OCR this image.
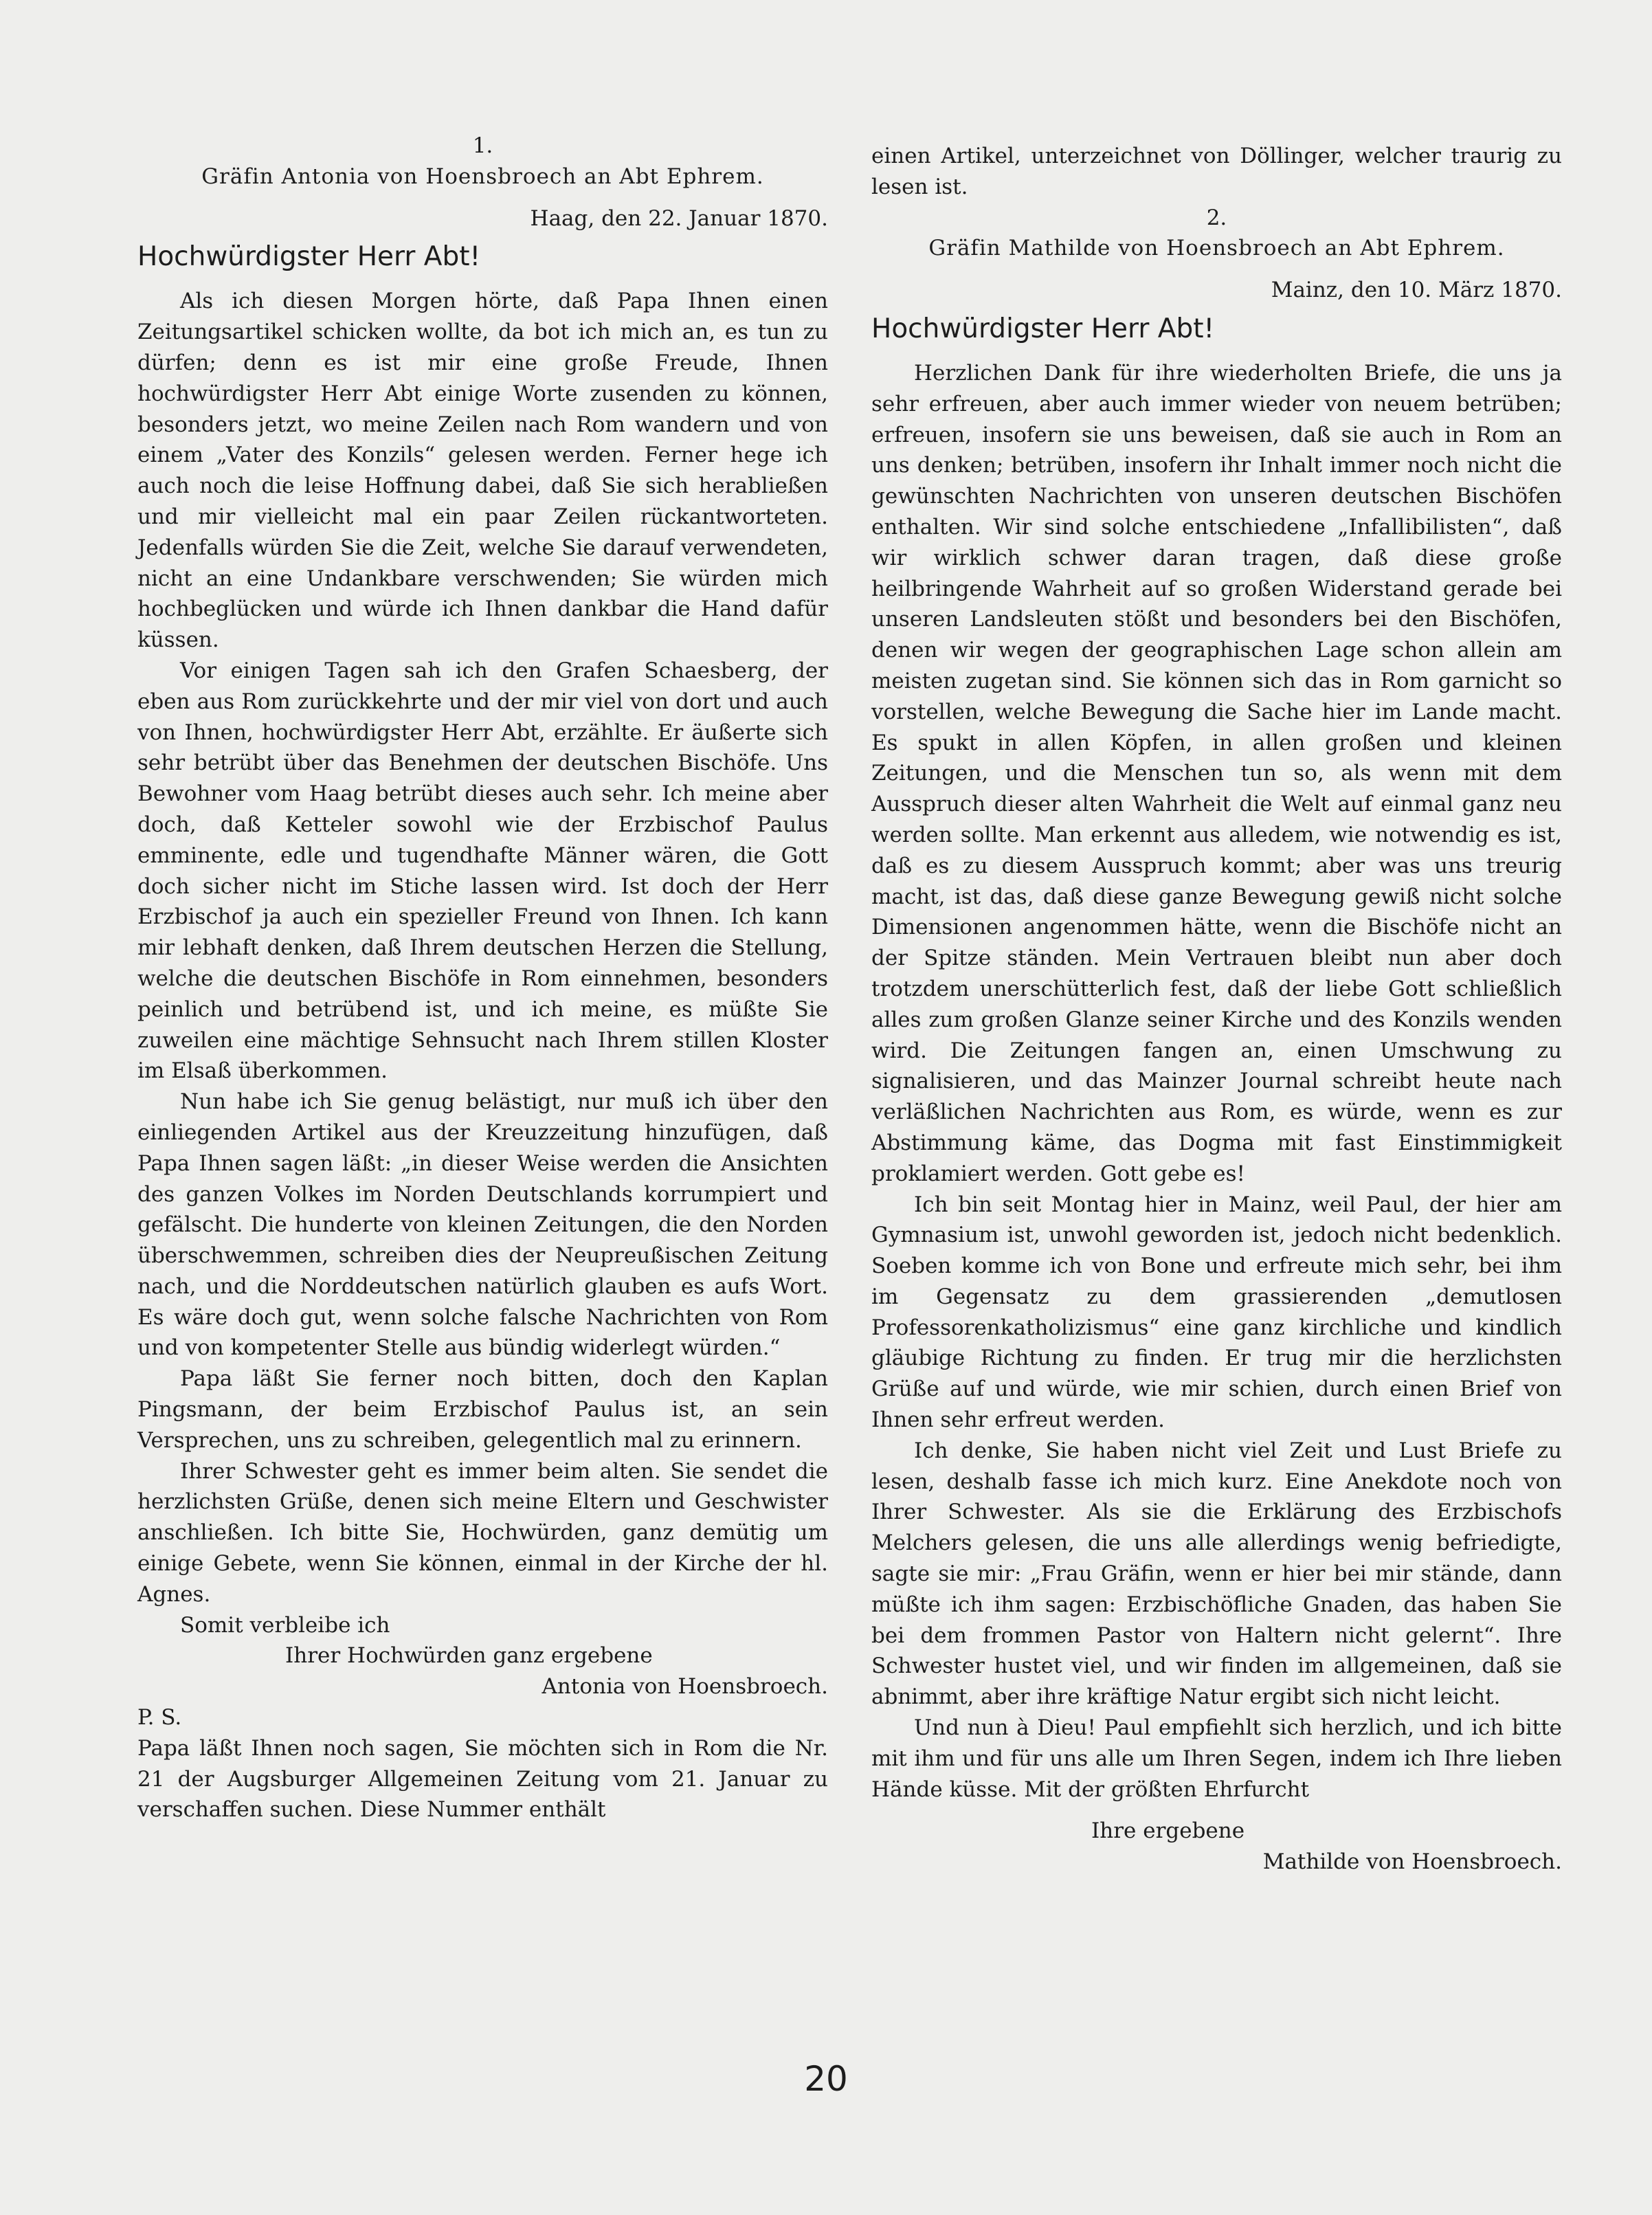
1.

Gräfin Antonia von Hoensbroech an Abt Ephrem.

Haag, den 22. Januar 1870.

Hochwürdigster Herr Abt!

Als ich diesen Morgen hörte, daß Papa Ihnen einen Zeitungsartikel schicken wollte, da bot ich mich an, es tun zu dürfen; denn es ist mir eine große Freude, Ihnen hochwürdigster Herr Abt einige Worte zusenden zu können, besonders jetzt, wo meine Zeilen nach Rom wandern und von einem „Vater des Konzils“ gelesen werden. Ferner hege ich auch noch die leise Hoffnung dabei, daß Sie sich herabließen und mir vielleicht mal ein paar Zeilen rückantworteten. Jedenfalls würden Sie die Zeit, welche Sie darauf verwendeten, nicht an eine Undankbare verschwenden; Sie würden mich hochbeglücken und würde ich Ihnen dankbar die Hand dafür küssen.

Vor einigen Tagen sah ich den Grafen Schaesberg, der eben aus Rom zurückkehrte und der mir viel von dort und auch von Ihnen, hochwürdigster Herr Abt, erzählte. Er äußerte sich sehr betrübt über das Benehmen der deutschen Bischöfe. Uns Bewohner vom Haag betrübt dieses auch sehr. Ich meine aber doch, daß Ketteler sowohl wie der Erzbischof Paulus emminente, edle und tugendhafte Männer wären, die Gott doch sicher nicht im Stiche lassen wird. Ist doch der Herr Erzbischof ja auch ein spezieller Freund von Ihnen. Ich kann mir lebhaft denken, daß Ihrem deutschen Herzen die Stellung, welche die deutschen Bischöfe in Rom einnehmen, besonders peinlich und betrübend ist, und ich meine, es müßte Sie zuweilen eine mächtige Sehnsucht nach Ihrem stillen Kloster im Elsaß überkommen.

Nun habe ich Sie genug belästigt, nur muß ich über den einliegenden Artikel aus der Kreuzzeitung hinzufügen, daß Papa Ihnen sagen läßt: „in dieser Weise werden die Ansichten des ganzen Volkes im Norden Deutschlands korrumpiert und gefälscht. Die hunderte von kleinen Zeitungen, die den Norden überschwemmen, schreiben dies der Neupreußischen Zeitung nach, und die Norddeutschen natürlich glauben es aufs Wort. Es wäre doch gut, wenn solche falsche Nachrichten von Rom und von kompetenter Stelle aus bündig widerlegt würden.“

Papa läßt Sie ferner noch bitten, doch den Kaplan Pingsmann, der beim Erzbischof Paulus ist, an sein Versprechen, uns zu schreiben, gelegentlich mal zu erinnern.

Ihrer Schwester geht es immer beim alten. Sie sendet die herzlichsten Grüße, denen sich meine Eltern und Geschwister anschließen. Ich bitte Sie, Hochwürden, ganz demütig um einige Gebete, wenn Sie können, einmal in der Kirche der hl. Agnes.

Somit verbleibe ich

Ihrer Hochwürden ganz ergebene

Antonia von Hoensbroech.

P. S.

Papa läßt Ihnen noch sagen, Sie möchten sich in Rom die Nr. 21 der Augsburger Allgemeinen Zeitung vom 21. Januar zu verschaffen suchen. Diese Nummer enthält

einen Artikel, unterzeichnet von Döllinger, welcher traurig zu lesen ist.

2.

Gräfin Mathilde von Hoensbroech an Abt Ephrem.

Mainz, den 10. März 1870.

Hochwürdigster Herr Abt!

Herzlichen Dank für ihre wiederholten Briefe, die uns ja sehr erfreuen, aber auch immer wieder von neuem betrüben; erfreuen, insofern sie uns beweisen, daß sie auch in Rom an uns denken; betrüben, insofern ihr Inhalt immer noch nicht die gewünschten Nachrichten von unseren deutschen Bischöfen enthalten. Wir sind solche entschiedene „Infallibilisten“, daß wir wirklich schwer daran tragen, daß diese große heilbringende Wahrheit auf so großen Widerstand gerade bei unseren Landsleuten stößt und besonders bei den Bischöfen, denen wir wegen der geographischen Lage schon allein am meisten zugetan sind. Sie können sich das in Rom garnicht so vorstellen, welche Bewegung die Sache hier im Lande macht. Es spukt in allen Köpfen, in allen großen und kleinen Zeitungen, und die Menschen tun so, als wenn mit dem Ausspruch dieser alten Wahrheit die Welt auf einmal ganz neu werden sollte. Man erkennt aus alledem, wie notwendig es ist, daß es zu diesem Ausspruch kommt; aber was uns treurig macht, ist das, daß diese ganze Bewegung gewiß nicht solche Dimensionen angenommen hätte, wenn die Bischöfe nicht an der Spitze ständen. Mein Vertrauen bleibt nun aber doch trotzdem unerschütterlich fest, daß der liebe Gott schließlich alles zum großen Glanze seiner Kirche und des Konzils wenden wird. Die Zeitungen fangen an, einen Umschwung zu signalisieren, und das Mainzer Journal schreibt heute nach verläßlichen Nachrichten aus Rom, es würde, wenn es zur Abstimmung käme, das Dogma mit fast Einstimmigkeit proklamiert werden. Gott gebe es!

Ich bin seit Montag hier in Mainz, weil Paul, der hier am Gymnasium ist, unwohl geworden ist, jedoch nicht bedenklich. Soeben komme ich von Bone und erfreute mich sehr, bei ihm im Gegensatz zu dem grassierenden „demutlosen Professorenkatholizismus“ eine ganz kirchliche und kindlich gläubige Richtung zu finden. Er trug mir die herzlichsten Grüße auf und würde, wie mir schien, durch einen Brief von Ihnen sehr erfreut werden.

Ich denke, Sie haben nicht viel Zeit und Lust Briefe zu lesen, deshalb fasse ich mich kurz. Eine Anekdote noch von Ihrer Schwester. Als sie die Erklärung des Erzbischofs Melchers gelesen, die uns alle allerdings wenig befriedigte, sagte sie mir: „Frau Gräfin, wenn er hier bei mir stände, dann müßte ich ihm sagen: Erzbischöfliche Gnaden, das haben Sie bei dem frommen Pastor von Haltern nicht gelernt“. Ihre Schwester hustet viel, und wir finden im allgemeinen, daß sie abnimmt, aber ihre kräftige Natur ergibt sich nicht leicht.

Und nun à Dieu! Paul empfiehlt sich herzlich, und ich bitte mit ihm und für uns alle um Ihren Segen, indem ich Ihre lieben Hände küsse. Mit der größten Ehrfurcht

Ihre ergebene

Mathilde von Hoensbroech.

20
